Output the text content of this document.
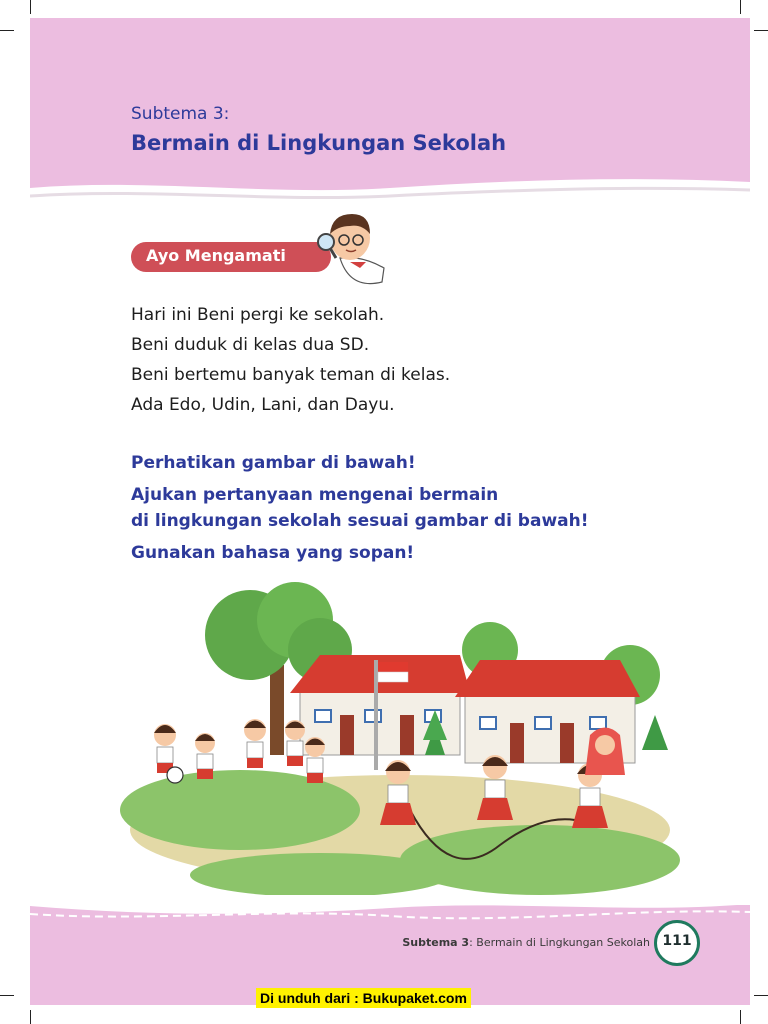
Subtema 3:
Bermain di Lingkungan Sekolah
Ayo Mengamati
Hari ini Beni pergi ke sekolah.
Beni duduk di kelas dua SD.
Beni bertemu banyak teman di kelas.
Ada Edo, Udin, Lani, dan Dayu.
Perhatikan gambar di bawah!
Ajukan pertanyaan mengenai bermain
di lingkungan sekolah sesuai gambar di bawah!
Gunakan bahasa yang sopan!
Subtema 3: Bermain di Lingkungan Sekolah 111
Di unduh dari : Bukupaket.com
